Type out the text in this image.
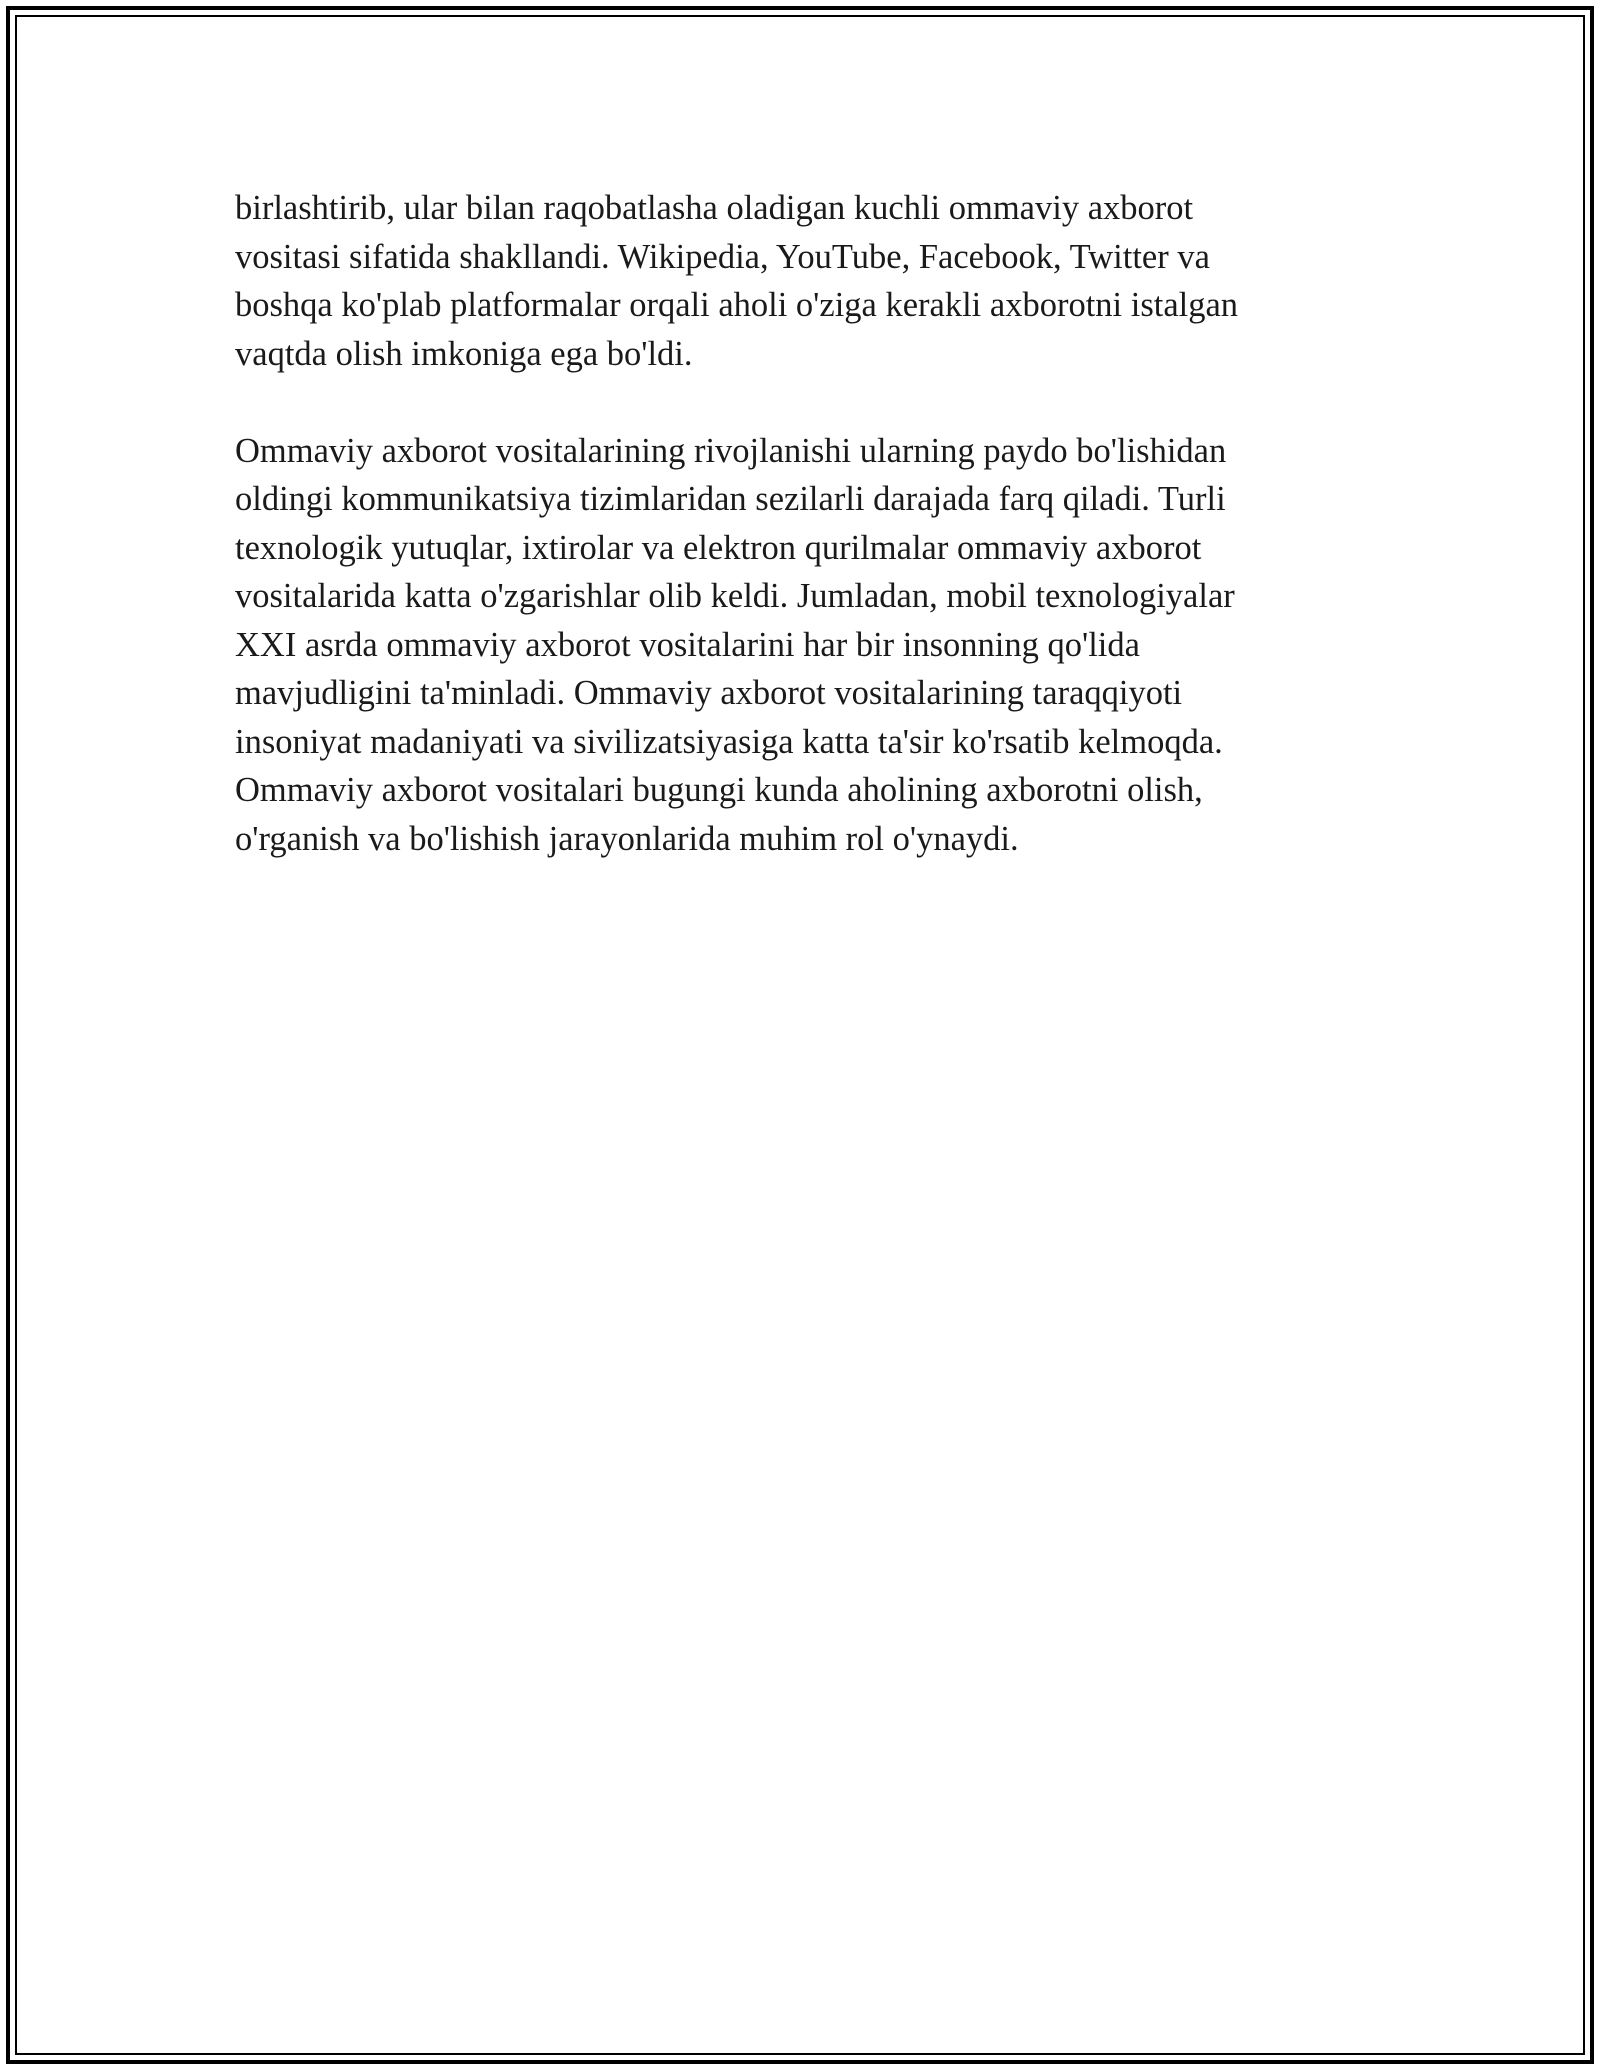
birlashtirib, ular bilan raqobatlasha oladigan kuchli ommaviy axborot
vositasi sifatida shakllandi. Wikipedia, YouTube, Facebook, Twitter va
boshqa ko'plab platformalar orqali aholi o'ziga kerakli axborotni istalgan
vaqtda olish imkoniga ega bo'ldi.

Ommaviy axborot vositalarining rivojlanishi ularning paydo bo'lishidan
oldingi kommunikatsiya tizimlaridan sezilarli darajada farq qiladi. Turli
texnologik yutuqlar, ixtirolar va elektron qurilmalar ommaviy axborot
vositalarida katta o'zgarishlar olib keldi. Jumladan, mobil texnologiyalar
XXI asrda ommaviy axborot vositalarini har bir insonning qo'lida
mavjudligini ta'minladi. Ommaviy axborot vositalarining taraqqiyoti
insoniyat madaniyati va sivilizatsiyasiga katta ta'sir ko'rsatib kelmoqda.
Ommaviy axborot vositalari bugungi kunda aholining axborotni olish,
o'rganish va bo'lishish jarayonlarida muhim rol o'ynaydi.
